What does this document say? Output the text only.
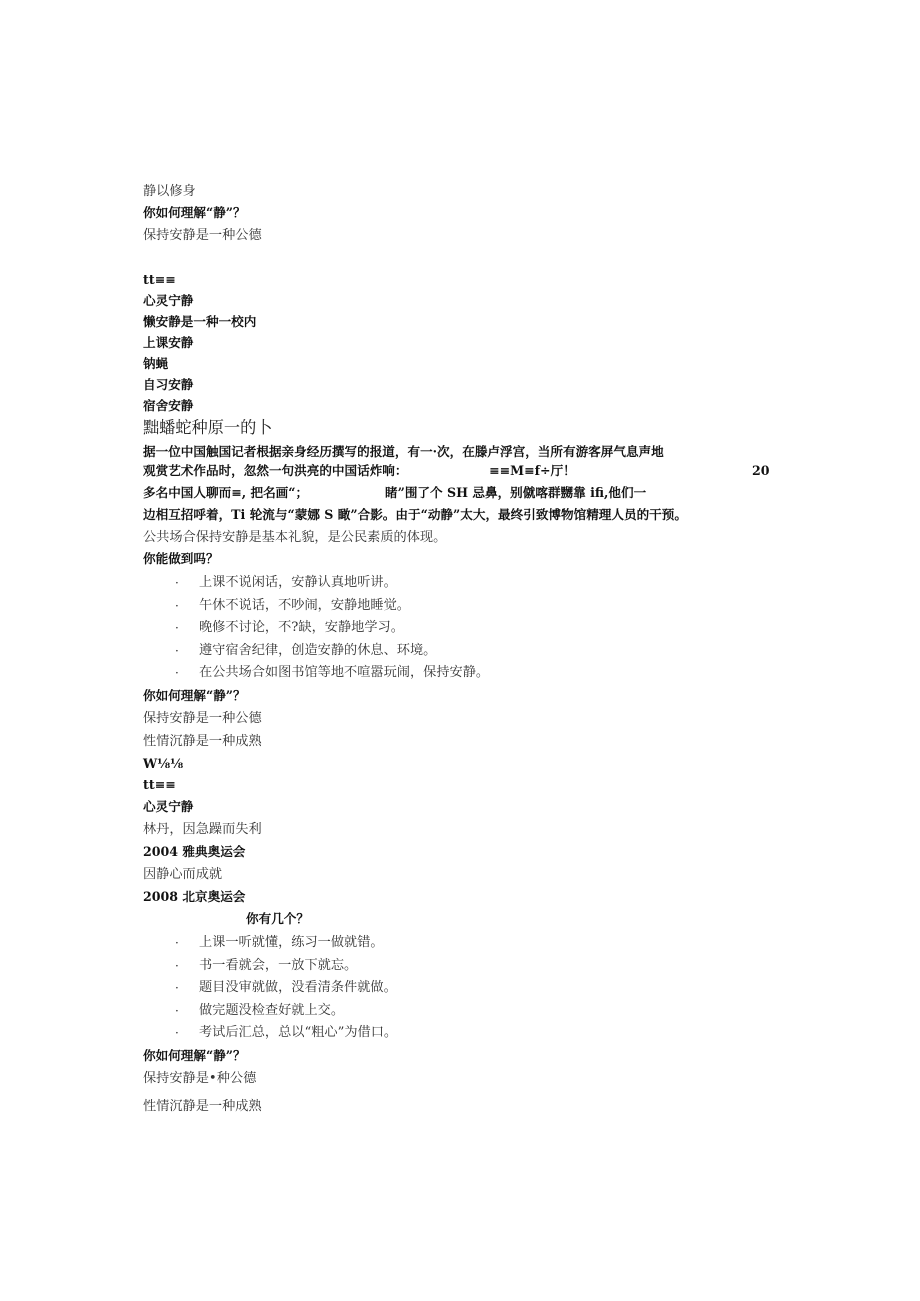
静以修身
你如何理解“静”？
保持安静是一种公德
tt≡≡
心灵宁静
懒安静是一种一校内
上课安静
钠蝇
自习安静
宿舍安静
黜蟠蛇种原一的卜
据一位中国触国记者根据亲身经历撰写的报道，有一·次，在滕卢浮宫，当所有游客屏气息声地
观赏艺术作品时，忽然一句洪亮的中国话炸响：	≡≡M≡f÷厅！	20
多名中国人聊而≡, 把名画“；	睹”围了个 SH 忌鼻，别僦喀群嬲靠 ifi,他们一
边相互招呼着，Ti 轮流与“蒙娜 S 瞰”合影。由于“动静”太大，最终引致博物馆精理人员的干预。
公共场合保持安静是基本礼貌，是公民素质的体现。
你能做到吗？
· 上课不说闲话，安静认真地听讲。
· 午休不说话，不吵闹，安静地睡觉。
· 晚修不讨论，不?缺，安静地学习。
· 遵守宿舍纪律，创造安静的休息、环境。
· 在公共场合如图书馆等地不喧嚣玩闹，保持安静。
你如何理解“静”？
保持安静是一种公德
性情沉静是一种成熟
W⅛⅛
tt≡≡
心灵宁静
林丹，因急躁而失利
2004 雅典奥运会
因静心而成就
2008 北京奥运会
你有几个？
· 上课一听就懂，练习一做就错。
· 书一看就会，一放下就忘。
· 题目没审就做，没看清条件就做。
· 做完题没检查好就上交。
· 考试后汇总，总以“粗心”为借口。
你如何理解“静”？
保持安静是•种公德
性情沉静是一种成熟
